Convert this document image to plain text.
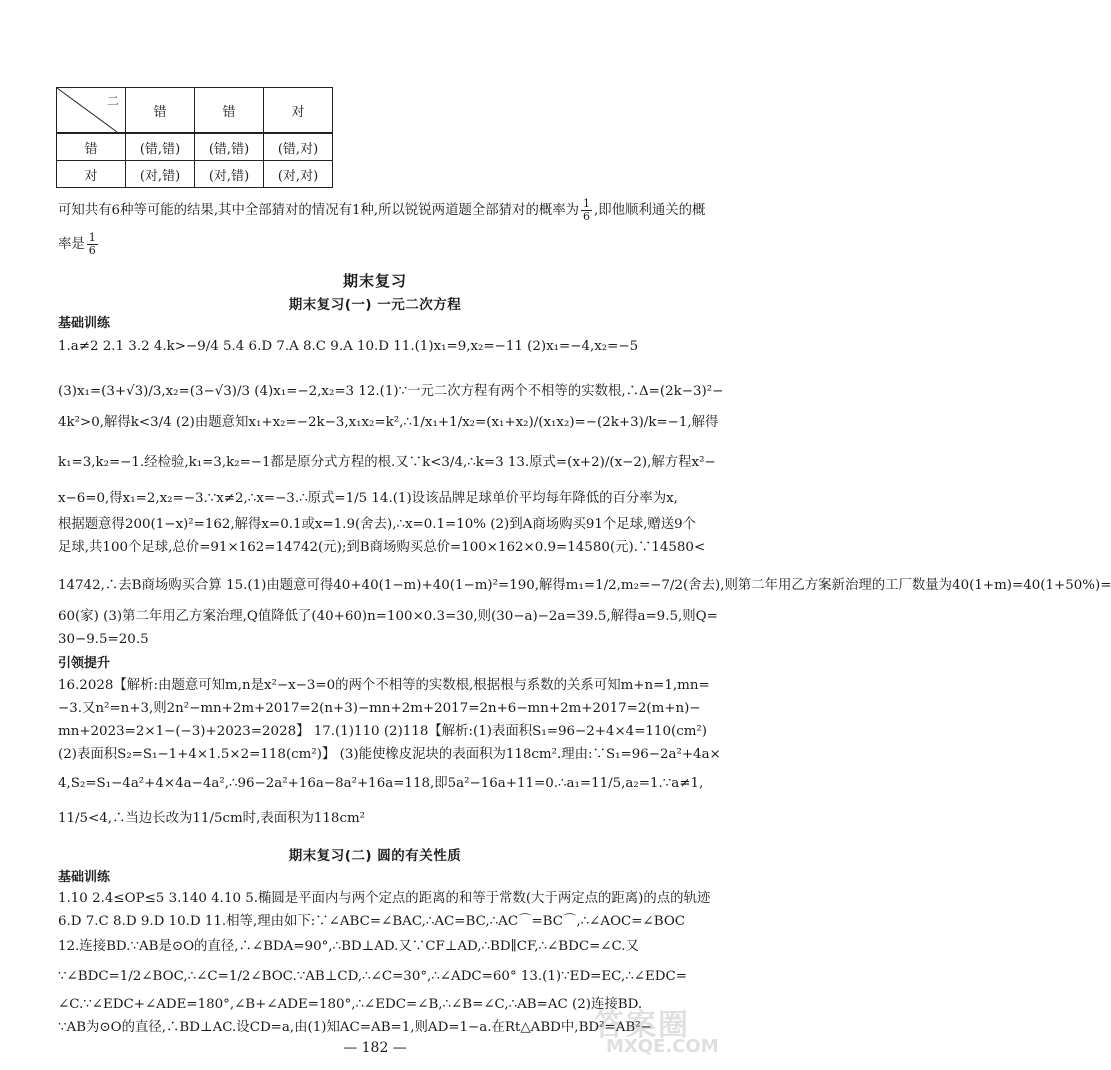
二	错	错	对
错	(错,错)	(错,错)	(错,对)
对	(对,错)	(对,错)	(对,对)
可知共有6种等可能的结果,其中全部猜对的情况有1种,所以锐锐两道题全部猜对的概率为 $\frac{1}{6}$ ,即他顺利通关的概
率是 $\frac{1}{6}$
期末复习
期末复习(一) 一元二次方程
基础训练
1.a≠2 2.1 3.2 4.k>−9/4 5.4 6.D 7.A 8.C 9.A 10.D 11.(1)x₁=9,x₂=−11 (2)x₁=−4,x₂=−5
(3)x₁=(3+√3)/3,x₂=(3−√3)/3 (4)x₁=−2,x₂=3 12.(1)∵一元二次方程有两个不相等的实数根,∴Δ=(2k−3)²−
4k²>0,解得k<3/4 (2)由题意知x₁+x₂=−2k−3,x₁x₂=k²,∴1/x₁+1/x₂=(x₁+x₂)/(x₁x₂)=−(2k+3)/k=−1,解得
k₁=3,k₂=−1.经检验,k₁=3,k₂=−1都是原分式方程的根.又∵k<3/4,∴k=3 13.原式=(x+2)/(x−2),解方程x²−
x−6=0,得x₁=2,x₂=−3.∵x≠2,∴x=−3.∴原式=1/5 14.(1)设该品牌足球单价平均每年降低的百分率为x,
根据题意得200(1−x)²=162,解得x=0.1或x=1.9(舍去),∴x=0.1=10% (2)到A商场购买91个足球,赠送9个
足球,共100个足球,总价=91×162=14742(元);到B商场购买总价=100×162×0.9=14580(元).∵14580<
14742,∴去B商场购买合算 15.(1)由题意可得40+40(1−m)+40(1−m)²=190,解得m₁=1/2,m₂=−7/2(舍去),则第二年用乙方案新治理的工厂数量为40(1+m)=40(1+50%)=
60(家) (3)第二年用乙方案治理,Q值降低了(40+60)n=100×0.3=30,则(30−a)−2a=39.5,解得a=9.5,则Q=
30−9.5=20.5
引领提升
16.2028【解析:由题意可知m,n是x²−x−3=0的两个不相等的实数根,根据根与系数的关系可知m+n=1,mn=
−3.又n²=n+3,则2n²−mn+2m+2017=2(n+3)−mn+2m+2017=2n+6−mn+2m+2017=2(m+n)−
mn+2023=2×1−(−3)+2023=2028】 17.(1)110 (2)118【解析:(1)表面积S₁=96−2+4×4=110(cm²)
(2)表面积S₂=S₁−1+4×1.5×2=118(cm²)】 (3)能使橡皮泥块的表面积为118cm².理由:∵S₁=96−2a²+4a×
4,S₂=S₁−4a²+4×4a−4a²,∴96−2a²+16a−8a²+16a=118,即5a²−16a+11=0.∴a₁=11/5,a₂=1.∵a≠1,
11/5<4,∴当边长改为11/5cm时,表面积为118cm²
期末复习(二) 圆的有关性质
基础训练
1.10 2.4≤OP≤5 3.140 4.10 5.椭圆是平面内与两个定点的距离的和等于常数(大于两定点的距离)的点的轨迹
6.D 7.C 8.D 9.D 10.D 11.相等,理由如下:∵∠ABC=∠BAC,∴AC=BC,∴AC⌒=BC⌒,∴∠AOC=∠BOC
12.连接BD.∵AB是⊙O的直径,∴∠BDA=90°,∴BD⊥AD.又∵CF⊥AD,∴BD∥CF,∴∠BDC=∠C.又
∵∠BDC=1/2∠BOC,∴∠C=1/2∠BOC.∵AB⊥CD,∴∠C=30°,∴∠ADC=60° 13.(1)∵ED=EC,∴∠EDC=
∠C.∵∠EDC+∠ADE=180°,∠B+∠ADE=180°,∴∠EDC=∠B,∴∠B=∠C,∴AB=AC (2)连接BD.
∵AB为⊙O的直径,∴BD⊥AC.设CD=a,由(1)知AC=AB=1,则AD=1−a.在Rt△ABD中,BD²=AB²−
— 182 —
答案圈
MXQE.COM
